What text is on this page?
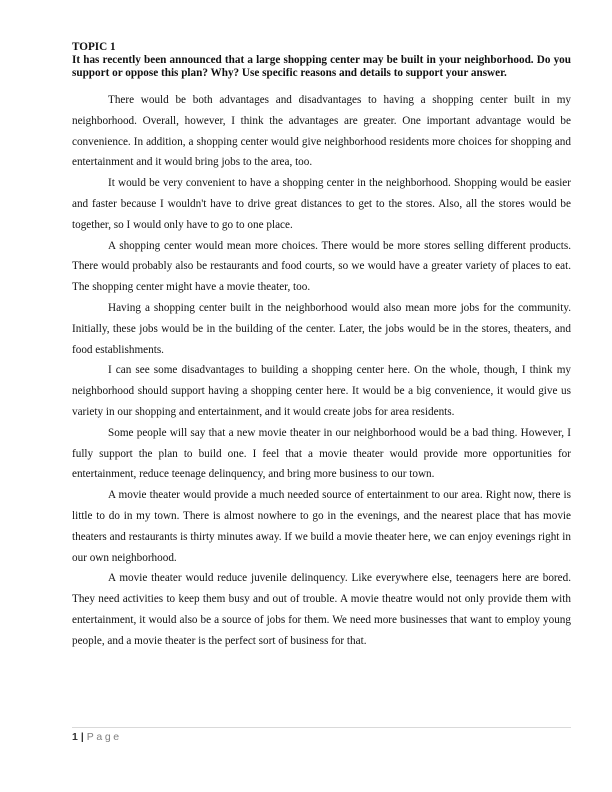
TOPIC 1

It has recently been announced that a large shopping center may be built in your neighborhood. Do you support or oppose this plan? Why? Use specific reasons and details to support your answer.

There would be both advantages and disadvantages to having a shopping center built in my neighborhood. Overall, however, I think the advantages are greater. One important advantage would be convenience. In addition, a shopping center would give neighborhood residents more choices for shopping and entertainment and it would bring jobs to the area, too.

It would be very convenient to have a shopping center in the neighborhood. Shopping would be easier and faster because I wouldn't have to drive great distances to get to the stores. Also, all the stores would be together, so I would only have to go to one place.

A shopping center would mean more choices. There would be more stores selling different products. There would probably also be restaurants and food courts, so we would have a greater variety of places to eat. The shopping center might have a movie theater, too.

Having a shopping center built in the neighborhood would also mean more jobs for the community. Initially, these jobs would be in the building of the center. Later, the jobs would be in the stores, theaters, and food establishments.

I can see some disadvantages to building a shopping center here. On the whole, though, I think my neighborhood should support having a shopping center here. It would be a big convenience, it would give us variety in our shopping and entertainment, and it would create jobs for area residents.

Some people will say that a new movie theater in our neighborhood would be a bad thing. However, I fully support the plan to build one. I feel that a movie theater would provide more opportunities for entertainment, reduce teenage delinquency, and bring more business to our town.

A movie theater would provide a much needed source of entertainment to our area. Right now, there is little to do in my town. There is almost nowhere to go in the evenings, and the nearest place that has movie theaters and restaurants is thirty minutes away. If we build a movie theater here, we can enjoy evenings right in our own neighborhood.

A movie theater would reduce juvenile delinquency. Like everywhere else, teenagers here are bored. They need activities to keep them busy and out of trouble. A movie theatre would not only provide them with entertainment, it would also be a source of jobs for them. We need more businesses that want to employ young people, and a movie theater is the perfect sort of business for that.

1 | Page
